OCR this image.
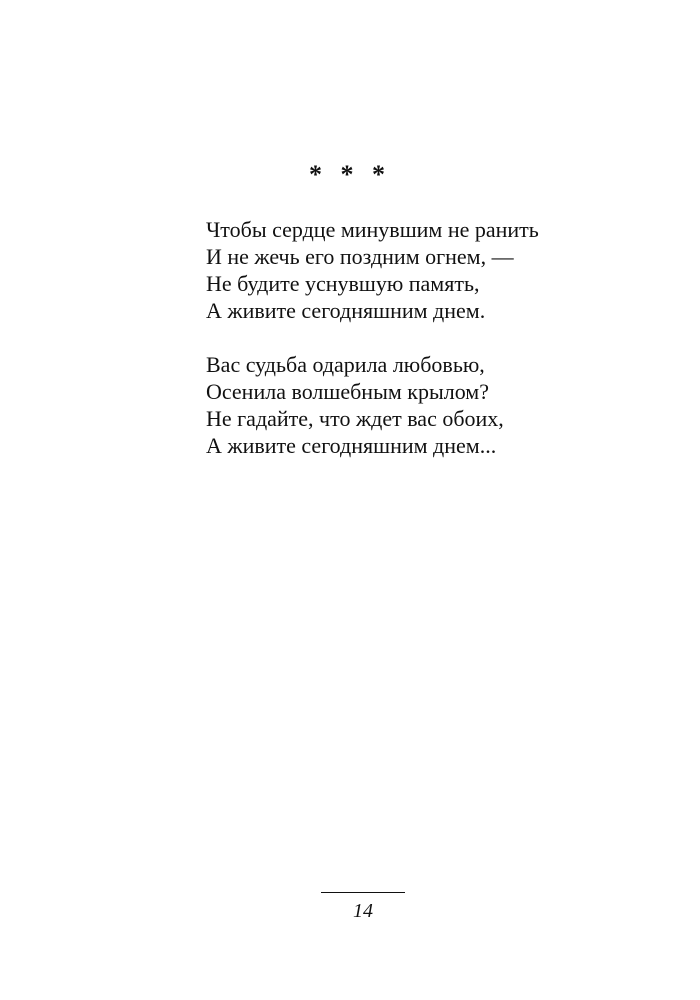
* * *
Чтобы сердце минувшим не ранить
И не жечь его поздним огнем, —
Не будите уснувшую память,
А живите сегодняшним днем.
Вас судьба одарила любовью,
Осенила волшебным крылом?
Не гадайте, что ждет вас обоих,
А живите сегодняшним днем...
14
